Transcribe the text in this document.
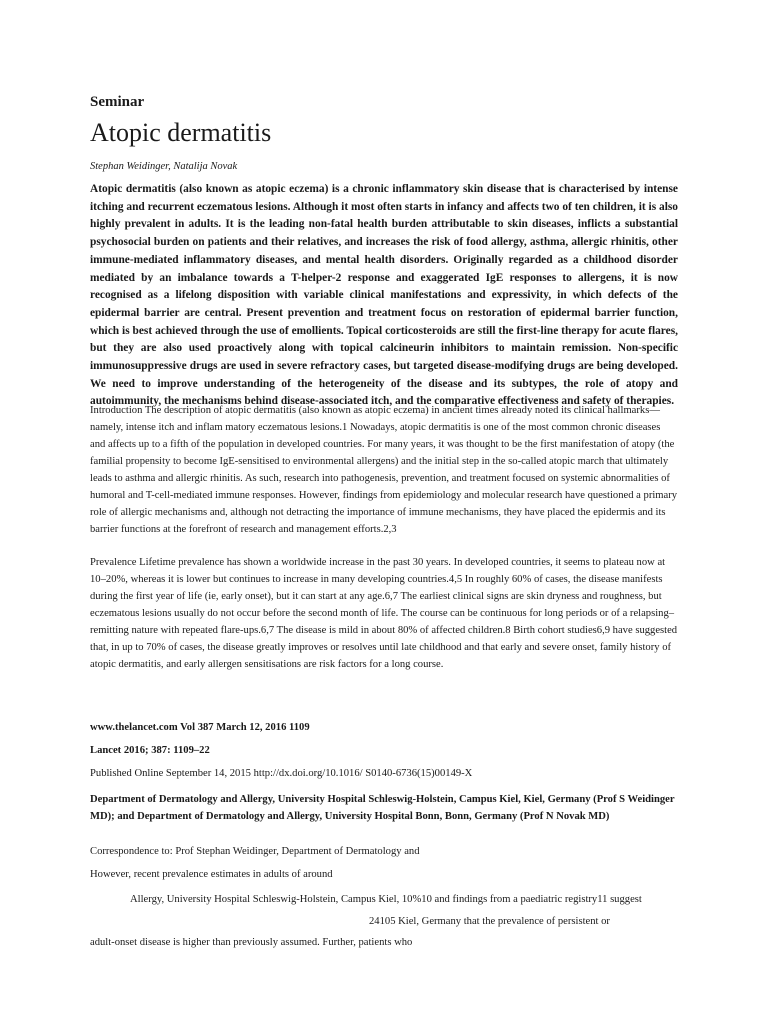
Seminar
Atopic dermatitis
Stephan Weidinger, Natalija Novak

Atopic dermatitis (also known as atopic eczema) is a chronic inflammatory skin disease that is characterised by intense itching and recurrent eczematous lesions. Although it most often starts in infancy and affects two of ten children, it is also highly prevalent in adults. It is the leading non-fatal health burden attributable to skin diseases, inflicts a substantial psychosocial burden on patients and their relatives, and increases the risk of food allergy, asthma, allergic rhinitis, other immune-mediated inflammatory diseases, and mental health disorders. Originally regarded as a childhood disorder mediated by an imbalance towards a T-helper-2 response and exaggerated IgE responses to allergens, it is now recognised as a lifelong disposition with variable clinical manifestations and expressivity, in which defects of the epidermal barrier are central. Present prevention and treatment focus on restoration of epidermal barrier function, which is best achieved through the use of emollients. Topical corticosteroids are still the first-line therapy for acute flares, but they are also used proactively along with topical calcineurin inhibitors to maintain remission. Non-specific immunosuppressive drugs are used in severe refractory cases, but targeted disease-modifying drugs are being developed. We need to improve understanding of the heterogeneity of the disease and its subtypes, the role of atopy and autoimmunity, the mechanisms behind disease-associated itch, and the comparative effectiveness and safety of therapies.

Introduction The description of atopic dermatitis (also known as atopic eczema) in ancient times already noted its clinical hallmarks—namely, intense itch and inflam matory eczematous lesions.1 Nowadays, atopic dermatitis is one of the most common chronic diseases and affects up to a fifth of the population in developed countries. For many years, it was thought to be the first manifestation of atopy (the familial propensity to become IgE-sensitised to environmental allergens) and the initial step in the so-called atopic march that ultimately leads to asthma and allergic rhinitis. As such, research into pathogenesis, prevention, and treatment focused on systemic abnormalities of humoral and T-cell-mediated immune responses. However, findings from epidemiology and molecular research have questioned a primary role of allergic mechanisms and, although not detracting the importance of immune mechanisms, they have placed the epidermis and its barrier functions at the forefront of research and management efforts.2,3

Prevalence Lifetime prevalence has shown a worldwide increase in the past 30 years. In developed countries, it seems to plateau now at 10–20%, whereas it is lower but continues to increase in many developing countries.4,5 In roughly 60% of cases, the disease manifests during the first year of life (ie, early onset), but it can start at any age.6,7 The earliest clinical signs are skin dryness and roughness, but eczematous lesions usually do not occur before the second month of life. The course can be continuous for long periods or of a relapsing–remitting nature with repeated flare-ups.6,7 The disease is mild in about 80% of affected children.8 Birth cohort studies6,9 have suggested that, in up to 70% of cases, the disease greatly improves or resolves until late childhood and that early and severe onset, family history of atopic dermatitis, and early allergen sensitisations are risk factors for a long course.

www.thelancet.com Vol 387 March 12, 2016 1109
Lancet 2016; 387: 1109–22
Published Online September 14, 2015 http://dx.doi.org/10.1016/ S0140-6736(15)00149-X

Department of Dermatology and Allergy, University Hospital Schleswig-Holstein, Campus Kiel, Kiel, Germany (Prof S Weidinger MD); and Department of Dermatology and Allergy, University Hospital Bonn, Bonn, Germany (Prof N Novak MD)

Correspondence to: Prof Stephan Weidinger, Department of Dermatology and
However, recent prevalence estimates in adults of around
Allergy, University Hospital Schleswig-Holstein, Campus Kiel, 10%10 and findings from a paediatric registry11 suggest
24105 Kiel, Germany that the prevalence of persistent or
adult-onset disease is higher than previously assumed. Further, patients who
